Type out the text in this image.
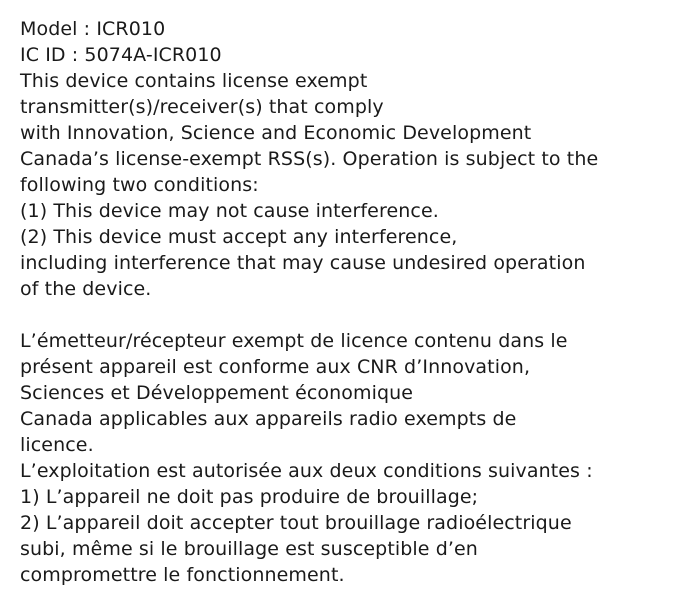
Model : ICR010
IC ID : 5074A-ICR010
This device contains license exempt
transmitter(s)/receiver(s) that comply
with Innovation, Science and Economic Development
Canada’s license-exempt RSS(s). Operation is subject to the
following two conditions:
(1) This device may not cause interference.
(2) This device must accept any interference,
including interference that may cause undesired operation
of the device.
L’émetteur/récepteur exempt de licence contenu dans le
présent appareil est conforme aux CNR d’Innovation,
Sciences et Développement économique
Canada applicables aux appareils radio exempts de
licence.
L’exploitation est autorisée aux deux conditions suivantes :
1) L’appareil ne doit pas produire de brouillage;
2) L’appareil doit accepter tout brouillage radioélectrique
subi, même si le brouillage est susceptible d’en
compromettre le fonctionnement.
